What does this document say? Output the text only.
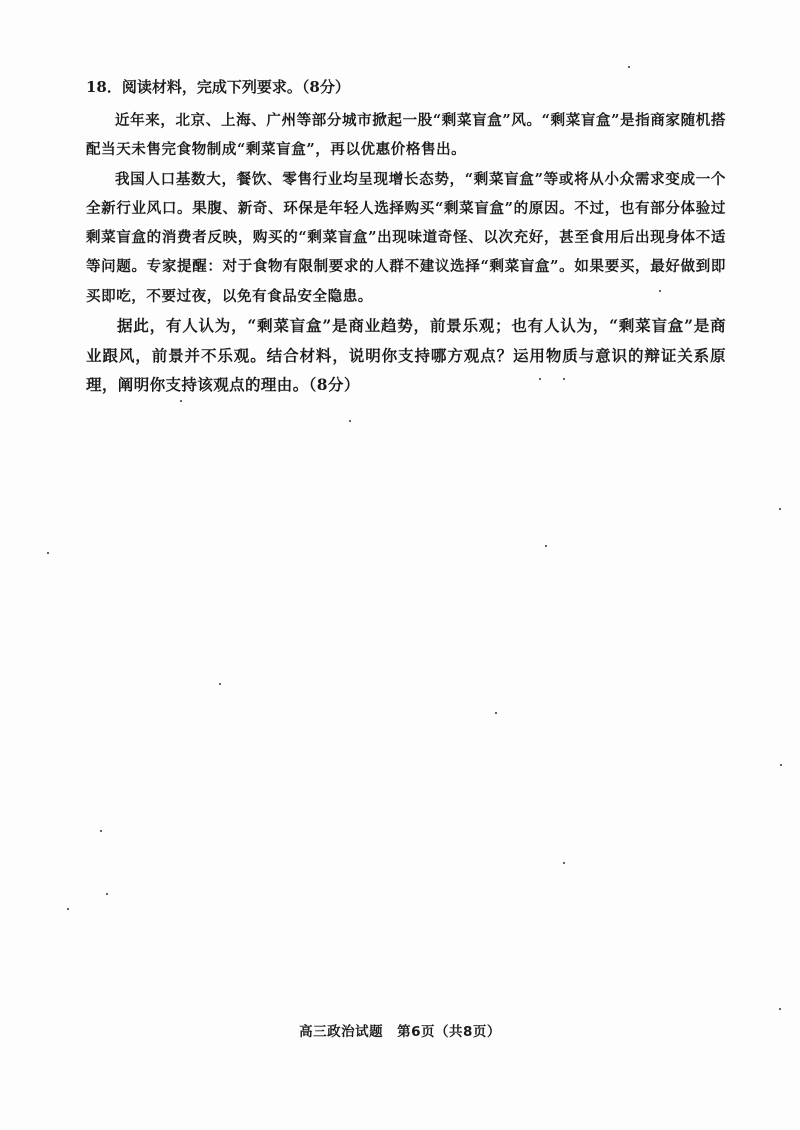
18．阅读材料，完成下列要求。（8分）

近年来，北京、上海、广州等部分城市掀起一股“剩菜盲盒”风。“剩菜盲盒”是指商家随机搭配当天未售完食物制成“剩菜盲盒”，再以优惠价格售出。

我国人口基数大，餐饮、零售行业均呈现增长态势，“剩菜盲盒”等或将从小众需求变成一个全新行业风口。果腹、新奇、环保是年轻人选择购买“剩菜盲盒”的原因。不过，也有部分体验过剩菜盲盒的消费者反映，购买的“剩菜盲盒”出现味道奇怪、以次充好，甚至食用后出现身体不适等问题。专家提醒：对于食物有限制要求的人群不建议选择“剩菜盲盒”。如果要买，最好做到即买即吃，不要过夜，以免有食品安全隐患。

据此，有人认为，“剩菜盲盒”是商业趋势，前景乐观；也有人认为，“剩菜盲盒”是商业跟风，前景并不乐观。结合材料，说明你支持哪方观点？运用物质与意识的辩证关系原理，阐明你支持该观点的理由。（8分）

高三政治试题　第6页（共8页）
